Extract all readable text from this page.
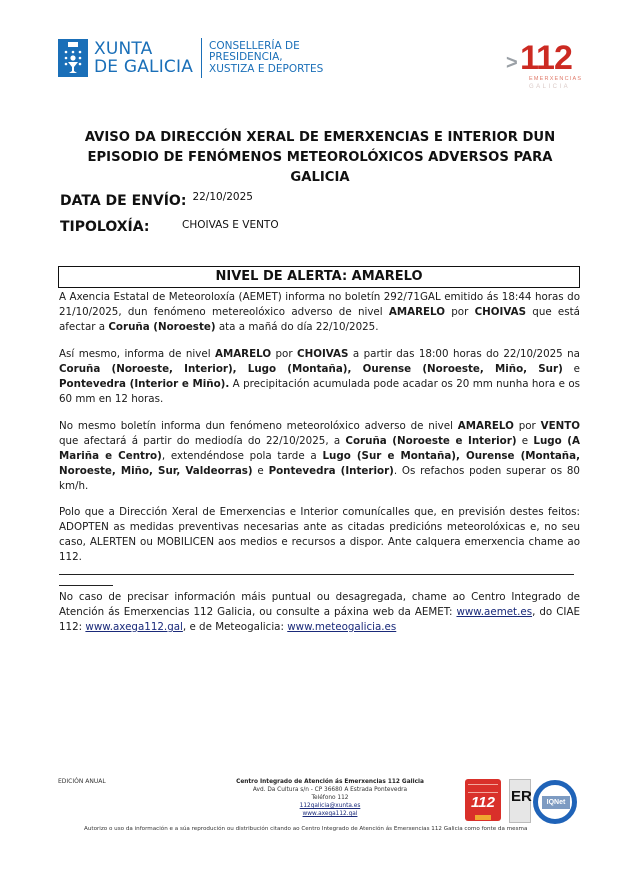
XUNTA
DE GALICIA
CONSELLERÍA DE
PRESIDENCIA,
XUSTIZA E DEPORTES	> 112
EMERXENCIAS
GALICIA
AVISO DA DIRECCIÓN XERAL DE EMERXENCIAS E INTERIOR DUN
EPISODIO DE FENÓMENOS METEOROLÓXICOS ADVERSOS PARA GALICIA
DATA DE ENVÍO: 22/10/2025
TIPOLOXÍA:	CHOIVAS E VENTO
NIVEL DE ALERTA: AMARELO
A Axencia Estatal de Meteoroloxía (AEMET) informa no boletín 292/71GAL emitido ás 18:44 horas do 21/10/2025, dun fenómeno metereolóxico adverso de nivel AMARELO por CHOIVAS que está afectar a Coruña (Noroeste) ata a mañá do día 22/10/2025.
Así mesmo, informa de nivel AMARELO por CHOIVAS a partir das 18:00 horas do 22/10/2025 na Coruña (Noroeste, Interior), Lugo (Montaña), Ourense (Noroeste, Miño, Sur) e Pontevedra (Interior e Miño). A precipitación acumulada pode acadar os 20 mm nunha hora e os 60 mm en 12 horas.
No mesmo boletín informa dun fenómeno meteorolóxico adverso de nivel AMARELO por VENTO que afectará á partir do mediodía do 22/10/2025, a Coruña (Noroeste e Interior) e Lugo (A Mariña e Centro), extendéndose pola tarde a Lugo (Sur e Montaña), Ourense (Montaña, Noroeste, Miño, Sur, Valdeorras) e Pontevedra (Interior). Os refachos poden superar os 80 km/h.
Polo que a Dirección Xeral de Emerxencias e Interior comunícalles que, en previsión destes feitos: ADOPTEN as medidas preventivas necesarias ante as citadas predicións meteorolóxicas e, no seu caso, ALERTEN ou MOBILICEN aos medios e recursos a dispor. Ante calquera emerxencia chame ao 112.
No caso de precisar información máis puntual ou desagregada, chame ao Centro Integrado de Atención ás Emerxencias 112 Galicia, ou consulte a páxina web da AEMET: www.aemet.es, do CIAE 112: www.axega112.gal, e de Meteogalicia: www.meteogalicia.es
EDICIÓN ANUAL	Centro Integrado de Atención ás Emerxencias 112 Galicia
Avd. Da Cultura s/n - CP 36680 A Estrada Pontevedra
Teléfono 112
112galicia@xunta.es
www.axega112.gal
112	ER	IQNet
Autorizo o uso da información e a súa reprodución ou distribución citando ao Centro Integrado de Atención ás Emerxencias 112 Galicia como fonte da mesma
